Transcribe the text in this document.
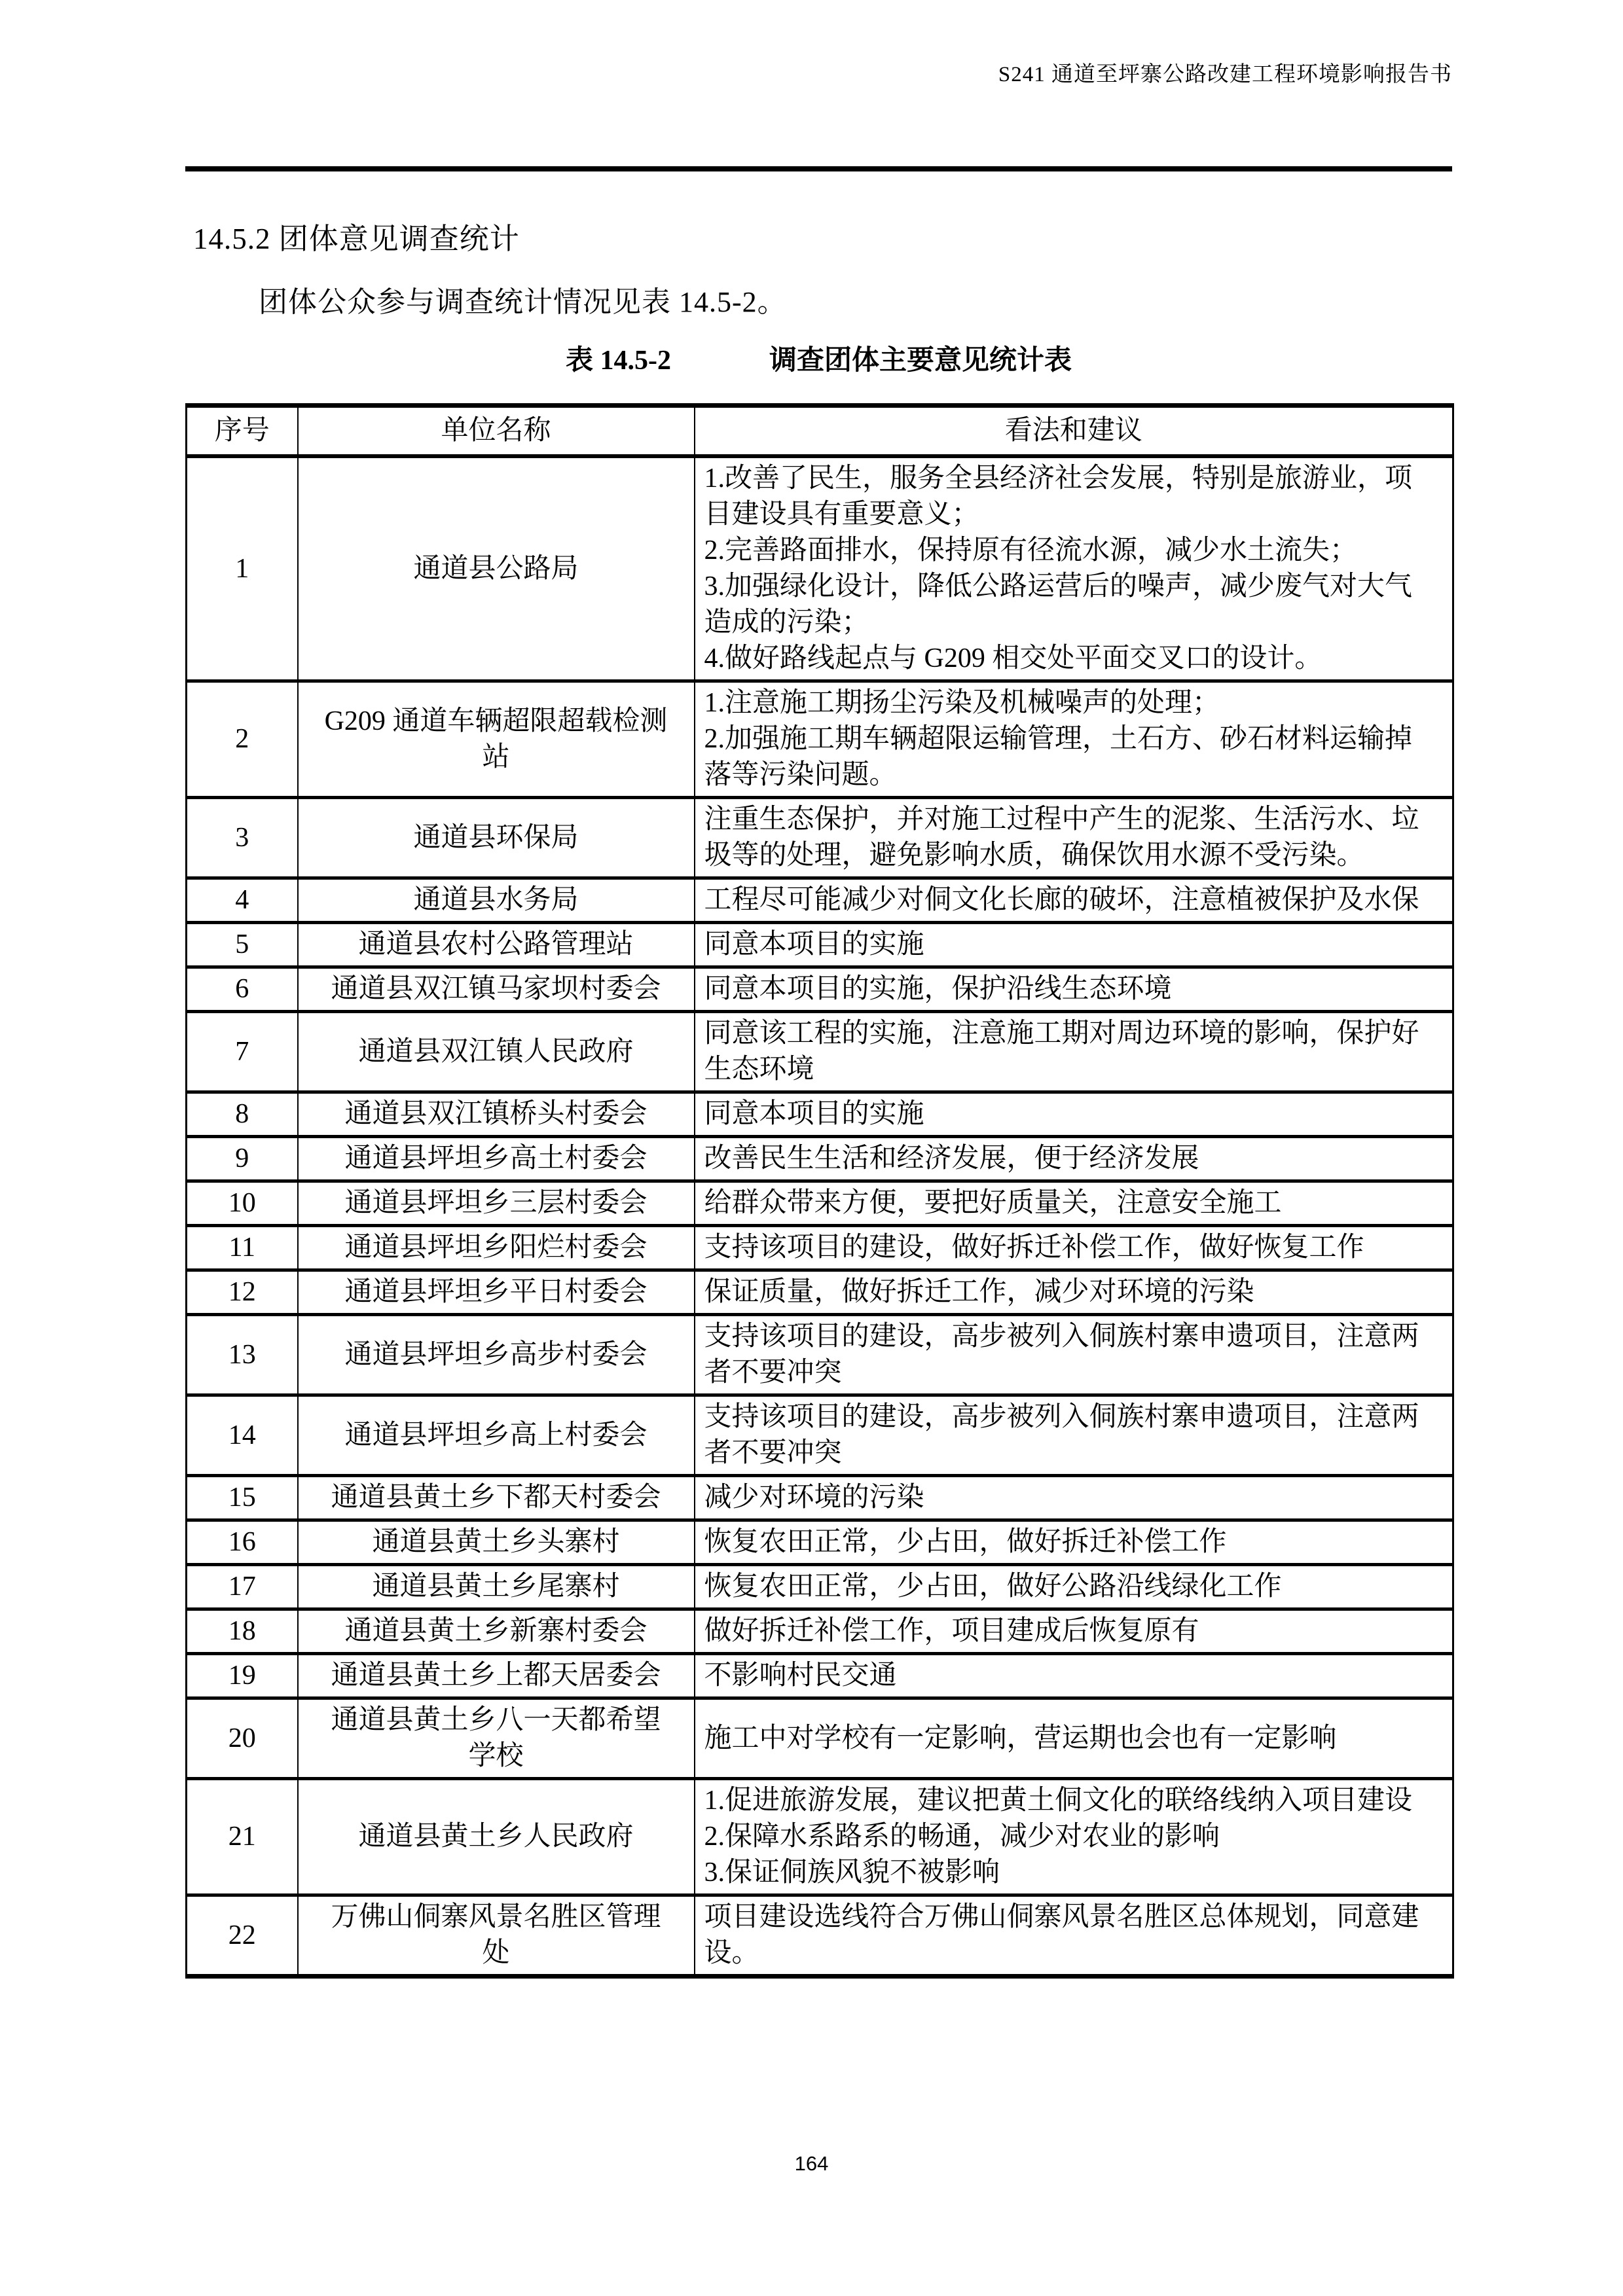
S241 通道至坪寨公路改建工程环境影响报告书
14.5.2 团体意见调查统计

团体公众参与调查统计情况见表 14.5-2。

表 14.5-2	调查团体主要意见统计表
序号	单位名称	看法和建议
1	通道县公路局	1.改善了民生，服务全县经济社会发展，特别是旅游业，项目建设具有重要意义；
2.完善路面排水，保持原有径流水源，减少水土流失；
3.加强绿化设计，降低公路运营后的噪声，减少废气对大气造成的污染；
4.做好路线起点与 G209 相交处平面交叉口的设计。

2	G209 通道车辆超限超载检测站	1.注意施工期扬尘污染及机械噪声的处理；
2.加强施工期车辆超限运输管理，土石方、砂石材料运输掉落等污染问题。

3	通道县环保局	注重生态保护，并对施工过程中产生的泥浆、生活污水、垃圾等的处理，避免影响水质，确保饮用水源不受污染。

4	通道县水务局	工程尽可能减少对侗文化长廊的破坏，注意植被保护及水保

5	通道县农村公路管理站	同意本项目的实施

6	通道县双江镇马家坝村委会	同意本项目的实施，保护沿线生态环境

7	通道县双江镇人民政府	同意该工程的实施，注意施工期对周边环境的影响，保护好生态环境

8	通道县双江镇桥头村委会	同意本项目的实施

9	通道县坪坦乡高土村委会	改善民生生活和经济发展，便于经济发展

10	通道县坪坦乡三层村委会	给群众带来方便，要把好质量关，注意安全施工

11	通道县坪坦乡阳烂村委会	支持该项目的建设，做好拆迁补偿工作，做好恢复工作

12	通道县坪坦乡平日村委会	保证质量，做好拆迁工作，减少对环境的污染

13	通道县坪坦乡高步村委会	支持该项目的建设，高步被列入侗族村寨申遗项目，注意两者不要冲突

14	通道县坪坦乡高上村委会	支持该项目的建设，高步被列入侗族村寨申遗项目，注意两者不要冲突

15	通道县黄土乡下都天村委会	减少对环境的污染

16	通道县黄土乡头寨村	恢复农田正常，少占田，做好拆迁补偿工作

17	通道县黄土乡尾寨村	恢复农田正常，少占田，做好公路沿线绿化工作

18	通道县黄土乡新寨村委会	做好拆迁补偿工作，项目建成后恢复原有

19	通道县黄土乡上都天居委会	不影响村民交通

20	通道县黄土乡八一天都希望学校	施工中对学校有一定影响，营运期也会也有一定影响

21	通道县黄土乡人民政府	1.促进旅游发展，建议把黄土侗文化的联络线纳入项目建设
2.保障水系路系的畅通，减少对农业的影响
3.保证侗族风貌不被影响

22	万佛山侗寨风景名胜区管理处	项目建设选线符合万佛山侗寨风景名胜区总体规划，同意建设。
164
